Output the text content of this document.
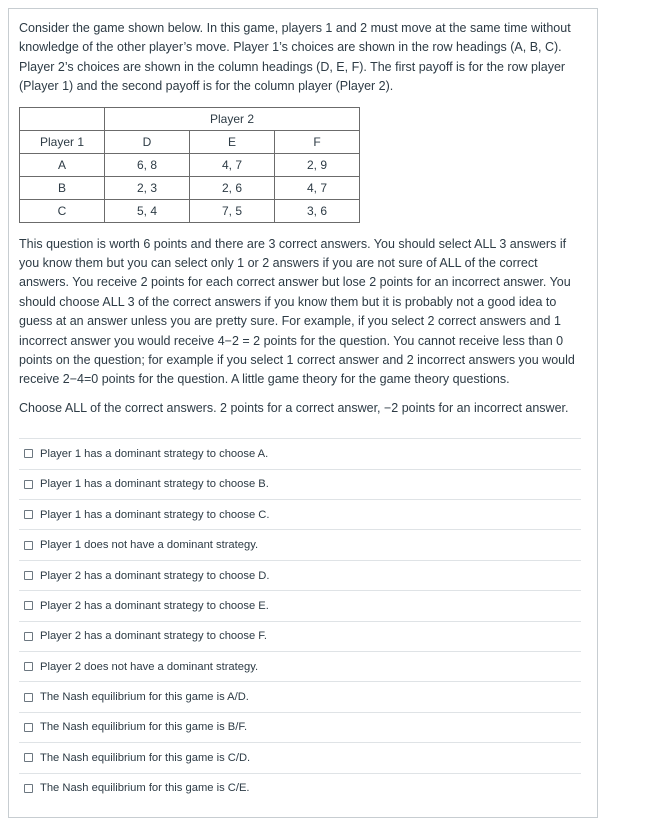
Consider the game shown below. In this game, players 1 and 2 must move at the same time without knowledge of the other player’s move. Player 1’s choices are shown in the row headings (A, B, C). Player 2’s choices are shown in the column headings (D, E, F). The first payoff is for the row player (Player 1) and the second payoff is for the column player (Player 2).

		Player 2	
Player 1	D	E	F
A	6, 8	4, 7	2, 9
B	2, 3	2, 6	4, 7
C	5, 4	7, 5	3, 6

This question is worth 6 points and there are 3 correct answers. You should select ALL 3 answers if you know them but you can select only 1 or 2 answers if you are not sure of ALL of the correct answers. You receive 2 points for each correct answer but lose 2 points for an incorrect answer. You should choose ALL 3 of the correct answers if you know them but it is probably not a good idea to guess at an answer unless you are pretty sure. For example, if you select 2 correct answers and 1 incorrect answer you would receive 4−2 = 2 points for the question. You cannot receive less than 0 points on the question; for example if you select 1 correct answer and 2 incorrect answers you would receive 2−4=0 points for the question. A little game theory for the game theory questions.

Choose ALL of the correct answers. 2 points for a correct answer, −2 points for an incorrect answer.

Player 1 has a dominant strategy to choose A.
Player 1 has a dominant strategy to choose B.
Player 1 has a dominant strategy to choose C.
Player 1 does not have a dominant strategy.
Player 2 has a dominant strategy to choose D.
Player 2 has a dominant strategy to choose E.
Player 2 has a dominant strategy to choose F.
Player 2 does not have a dominant strategy.
The Nash equilibrium for this game is A/D.
The Nash equilibrium for this game is B/F.
The Nash equilibrium for this game is C/D.
The Nash equilibrium for this game is C/E.
